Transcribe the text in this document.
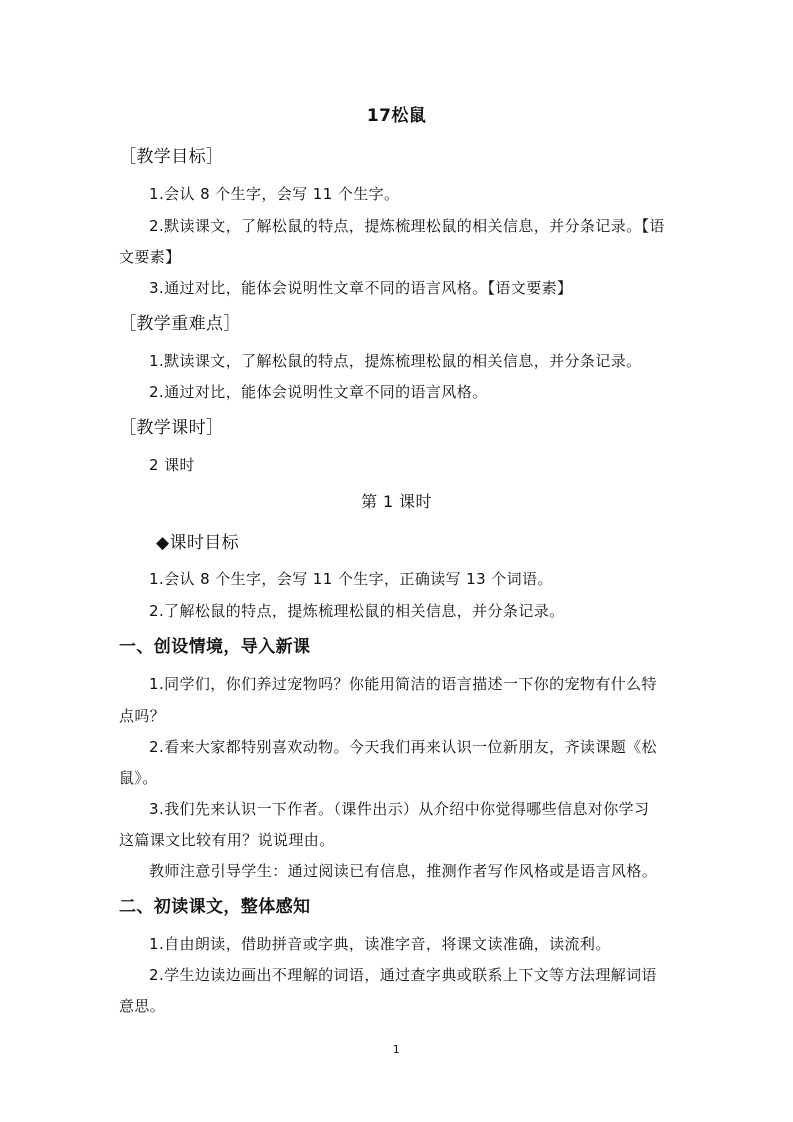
17松鼠
［教学目标］
1.会认 8 个生字，会写 11 个生字。
2.默读课文，了解松鼠的特点，提炼梳理松鼠的相关信息，并分条记录。【语
文要素】
3.通过对比，能体会说明性文章不同的语言风格。【语文要素】
［教学重难点］
1.默读课文，了解松鼠的特点，提炼梳理松鼠的相关信息，并分条记录。
2.通过对比，能体会说明性文章不同的语言风格。
［教学课时］
2 课时
第 1 课时
◆课时目标
1.会认 8 个生字，会写 11 个生字，正确读写 13 个词语。
2.了解松鼠的特点，提炼梳理松鼠的相关信息，并分条记录。
一、创设情境，导入新课
1.同学们，你们养过宠物吗？你能用简洁的语言描述一下你的宠物有什么特
点吗？
2.看来大家都特别喜欢动物。今天我们再来认识一位新朋友，齐读课题《松
鼠》。
3.我们先来认识一下作者。（课件出示）从介绍中你觉得哪些信息对你学习
这篇课文比较有用？说说理由。
教师注意引导学生：通过阅读已有信息，推测作者写作风格或是语言风格。
二、初读课文，整体感知
1.自由朗读，借助拼音或字典，读准字音，将课文读准确，读流利。
2.学生边读边画出不理解的词语，通过查字典或联系上下文等方法理解词语
意思。
1
